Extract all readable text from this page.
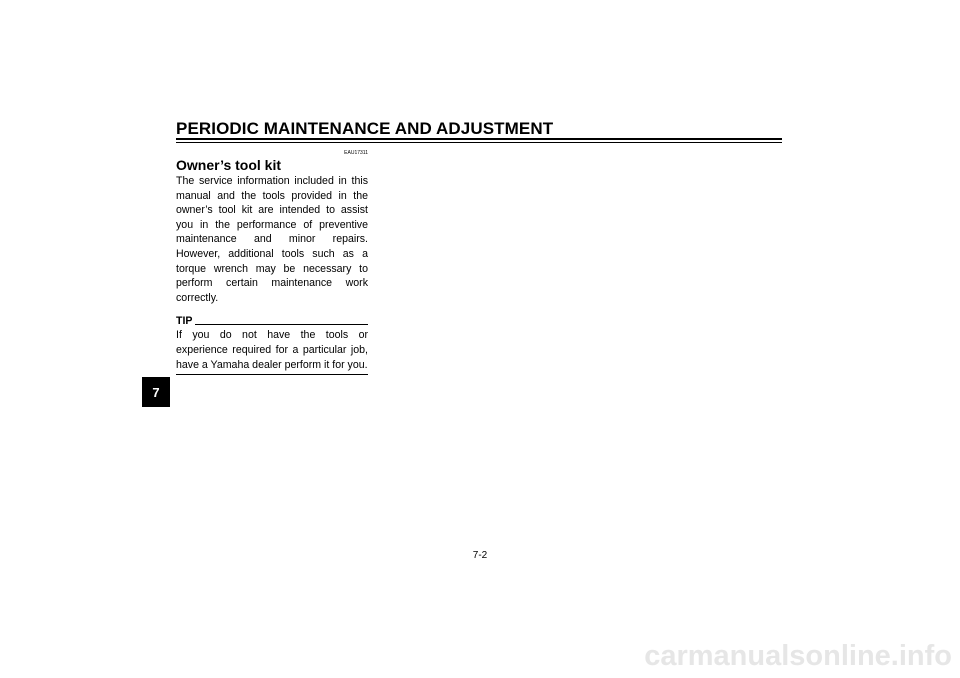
PERIODIC MAINTENANCE AND ADJUSTMENT
7
EAU17311
Owner’s tool kit
The service information included in this manual and the tools provided in the owner’s tool kit are intended to assist you in the performance of preventive maintenance and minor repairs. However, additional tools such as a torque wrench may be necessary to perform certain maintenance work correctly.
TIP
If you do not have the tools or experience required for a particular job, have a Yamaha dealer perform it for you.
7-2
carmanualsonline.info
